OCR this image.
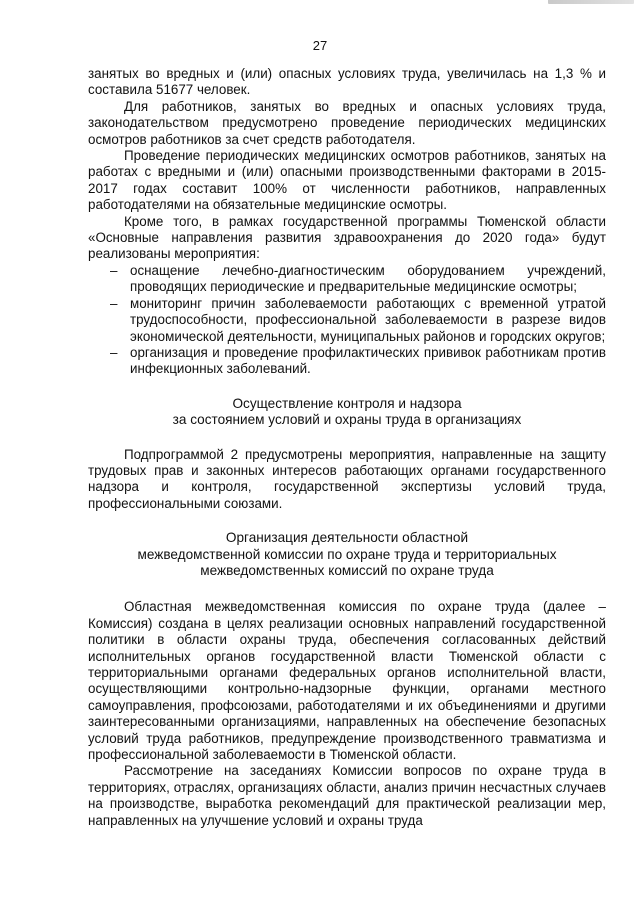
27

занятых во вредных и (или) опасных условиях труда, увеличилась на 1,3 % и составила 51677 человек.

Для работников, занятых во вредных и опасных условиях труда, законодательством предусмотрено проведение периодических медицинских осмотров работников за счет средств работодателя.

Проведение периодических медицинских осмотров работников, занятых на работах с вредными и (или) опасными производственными факторами в 2015-2017 годах составит 100% от численности работников, направленных работодателями на обязательные медицинские осмотры.

Кроме того, в рамках государственной программы Тюменской области «Основные направления развития здравоохранения до 2020 года» будут реализованы мероприятия:

– оснащение лечебно-диагностическим оборудованием учреждений, проводящих периодические и предварительные медицинские осмотры;
– мониторинг причин заболеваемости работающих с временной утратой трудоспособности, профессиональной заболеваемости в разрезе видов экономической деятельности, муниципальных районов и городских округов;
– организация и проведение профилактических прививок работникам против инфекционных заболеваний.
Осуществление контроля и надзора
за состоянием условий и охраны труда в организациях

Подпрограммой 2 предусмотрены мероприятия, направленные на защиту трудовых прав и законных интересов работающих органами государственного надзора и контроля, государственной экспертизы условий труда, профессиональными союзами.

Организация деятельности областной
межведомственной комиссии по охране труда и территориальных
межведомственных комиссий по охране труда

Областная межведомственная комиссия по охране труда (далее – Комиссия) создана в целях реализации основных направлений государственной политики в области охраны труда, обеспечения согласованных действий исполнительных органов государственной власти Тюменской области с территориальными органами федеральных органов исполнительной власти, осуществляющими контрольно-надзорные функции, органами местного самоуправления, профсоюзами, работодателями и их объединениями и другими заинтересованными организациями, направленных на обеспечение безопасных условий труда работников, предупреждение производственного травматизма и профессиональной заболеваемости в Тюменской области.

Рассмотрение на заседаниях Комиссии вопросов по охране труда в территориях, отраслях, организациях области, анализ причин несчастных случаев на производстве, выработка рекомендаций для практической реализации мер, направленных на улучшение условий и охраны труда
